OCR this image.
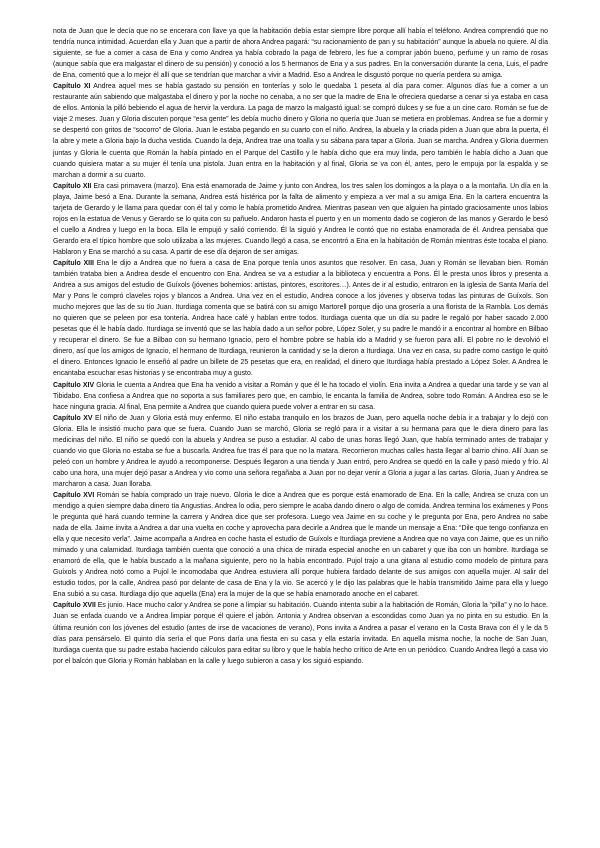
nota de Juan que le decía que no se encerara con llave ya que la habitación debía estar siempre libre porque allí había el teléfono. Andrea comprendió que no tendría nunca intimidad. Acuerdan ella y Juan que a partir de ahora Andrea pagará: “su racionamiento de pan y su habitación” aunque la abuela no quiere. Al día siguiente, se fue a comer a casa de Ena y como Andrea ya había cobrado la paga de febrero, les fue a comprar jabón bueno, perfume y un ramo de rosas (aunque sabía que era malgastar el dinero de su pensión) y conoció a los 5 hermanos de Ena y a sus padres. En la conversación durante la cena, Luis, el padre de Ena, comentó que a lo mejor él allí que se tendrían que marchar a vivir a Madrid. Eso a Andrea le disgustó porque no quería perdera su amiga.
Capítulo XI Andrea aquel mes se había gastado su pensión en tonterías y solo le quedaba 1 peseta al día para comer. Algunos días fue a comer a un restaurante aún sabiendo que malgastaba el dinero y por la noche no cenaba, a no ser que la madre de Ena le ofreciera quedarse a cenar si ya estaba en casa de ellos. Antonia la pilló bebiendo el agua de hervir la verdura. La paga de marzo la malgastó igual: se compró dulces y se fue a un cine caro. Román se fue de viaje 2 meses. Juan y Gloria discuten porque “esa gente” les debía mucho dinero y Gloria no quería que Juan se metiera en problemas. Andrea se fue a dormir y se despertó con gritos de “socorro” de Gloria. Juan le estaba pegando en su cuarto con el niño. Andrea, la abuela y la criada piden a Juan que abra la puerta, él la abre y mete a Gloria bajo la ducha vestida. Cuando la deja, Andrea trae una toalla y su sábana para tapar a Gloria. Juan se marcha. Andrea y Gloria duermen juntas y Gloria le cuenta que Román la había pintado en el Parque del Castillo y le había dicho que era muy linda, pero también le había dicho a Juan que cuando quisiera matar a su mujer él tenía una pistola. Juan entra en la habitación y al final, Gloria se va con él, antes, pero le empuja por la espalda y se marchan a dormir a su cuarto.
Capítulo XII Era casi primavera (marzo). Ena está enamorada de Jaime y junto con Andrea, los tres salen los domingos a la playa o a la montaña. Un día en la playa, Jaime besó a Ena. Durante la semana, Andrea está histérica por la falta de alimento y empieza a ver mal a su amiga Ena. En la cartera encuentra la tarjeta de Gerardo y le llama para quedar con él tal y como le había prometido Andrea. Mientras pasean ven que alguien ha pintado graciosamente unos labios rojos en la estatua de Venus y Gerardo se lo quita con su pañuelo. Andaron hasta el puerto y en un momento dado se cogieron de las manos y Gerardo le besó el cuello a Andrea y luego en la boca. Ella le empujó y salió corriendo. Él la siguió y Andrea le contó que no estaba enamorada de él. Andrea pensaba que Gerardo era el típico hombre que solo utilizaba a las mujeres. Cuando llegó a casa, se encontró a Ena en la habitación de Román mientras éste tocaba el piano. Hablaron y Ena se marchó a su casa. A partir de ese día dejaron de ser amigas.
Capítulo XIII Ena le dijo a Andrea que no fuera a casa de Ena porque tenía unos asuntos que resolver. En casa, Juan y Román se llevaban bien. Román también trataba bien a Andrea desde el encuentro con Ena. Andrea se va a estudiar a la biblioteca y encuentra a Pons. Él le presta unos libros y presenta a Andrea a sus amigos del estudio de Guíxols (jóvenes bohemios: artistas, pintores, escritores…). Antes de ir al estudio, entraron en la iglesia de Santa María del Mar y Pons le compró claveles rojos y blancos a Andrea. Una vez en el estudio, Andrea conoce a los jóvenes y observa todas las pinturas de Guíxols. Son mucho mejores que las de su tío Juan. Iturdiaga comenta que se batirá con su amigo Martorell porque dijo una grosería a una florista de la Rambla. Los demás no quieren que se peleen por esa tontería. Andrea hace café y hablan entre todos. Iturdiaga cuenta que un día su padre le regaló por haber sacado 2.000 pesetas que él le había dado. Iturdiaga se inventó que se las había dado a un señor pobre, López Soler, y su padre le mandó ir a encontrar al hombre en Bilbao y recuperar el dinero. Se fue a Bilbao con su hermano Ignacio, pero el hombre pobre se había ido a Madrid y se fueron para allí. El pobre no le devolvió el dinero, así que los amigos de Ignacio, el hermano de Iturdiaga, reunieron la cantidad y se la dieron a Iturdiaga. Una vez en casa, su padre como castigo le quitó el dinero. Entonces Ignacio le enseñó al padre un billete de 25 pesetas que era, en realidad, el dinero que Iturdiaga había prestado a López Soler. A Andrea le encantaba escuchar esas historias y se encontraba muy a gusto.
Capítulo XIV Gloria le cuenta a Andrea que Ena ha venido a visitar a Román y que él le ha tocado el violín. Ena invita a Andrea a quedar una tarde y se van al Tibidabo. Ena confiesa a Andrea que no soporta a sus familiares pero que, en cambio, le encanta la familia de Andrea, sobre todo Román. A Andrea eso se le hace ninguna gracia. Al final, Ena permite a Andrea que cuando quiera puede volver a entrar en su casa.
Capítulo XV El niño de Juan y Gloria está muy enfermo. El niño estaba tranquilo en los brazos de Juan, pero aquella noche debía ir a trabajar y lo dejó con Gloria. Ella le insistió mucho para que se fuera. Cuando Juan se marchó, Gloria se regló para ir a visitar a su hermana para que le diera dinero para las medicinas del niño. El niño se quedó con la abuela y Andrea se puso a estudiar. Al cabo de unas horas llegó Juan, que había terminado antes de trabajar y cuando vio que Gloria no estaba se fue a buscarla. Andrea fue tras él para que no la matara. Recorrieron muchas calles hasta llegar al barrio chino. Allí Juan se peleó con un hombre y Andrea le ayudó a recomponerse. Después llegaron a una tienda y Juan entró, pero Andrea se quedó en la calle y pasó miedo y frío. Al cabo una hora, una mujer dejó pasar a Andrea y vio como una señora regañaba a Juan por no dejar venir a Gloria a jugar a las cartas. Gloria, Juan y Andrea se marcharon a casa. Juan lloraba.
Capítulo XVI Román se había comprado un traje nuevo. Gloria le dice a Andrea que es porque está enamorado de Ena. En la calle, Andrea se cruza con un mendigo a quien siempre daba dinero tía Angustias. Andrea lo odia, pero siempre le acaba dando dinero o algo de comida. Andrea termina los exámenes y Pons le pregunta qué hará cuando termine la carrera y Andrea dice que ser profesora. Luego vea Jaime en su coche y le pregunta por Ena, pero Andrea no sabe nada de ella. Jaime invita a Andrea a dar una vuelta en coche y aprovecha para decirle a Andrea que le mande un mensaje a Ena: “Dile que tengo confianza en ella y que necesito verla”. Jaime acompaña a Andrea en coche hasta el estudio de Guíxols e Iturdiaga previene a Andrea que no vaya con Jaime, que es un niño mimado y una calamidad. Iturdiaga también cuenta que conoció a una chica de mirada especial anoche en un cabaret y que iba con un hombre. Iturdiaga se enamoró de ella, que le había buscado a la mañana siguiente, pero no la había encontrado. Pujol trajo a una gitana al estudio como modelo de pintura para Guíxols y Andrea notó como a Pujol le incomodaba que Andrea estuviera allí porque hubiera fardado delante de sus amigos con aquella mujer. Al salir del estudio todos, por la calle, Andrea pasó por delante de casa de Ena y la vio. Se acercó y le dijo las palabras que le había transmitido Jaime para ella y luego Ena subió a su casa. Iturdiaga dijo que aquella (Ena) era la mujer de la que se había enamorado anoche en el cabaret.
Capítulo XVII Es junio. Hace mucho calor y Andrea se pone a limpiar su habitación. Cuando intenta subir a la habitación de Román, Gloria la “pilla” y no lo hace. Juan se enfada cuando ve a Andrea limpiar porque él quiere el jabón. Antonia y Andrea observan a escondidas como Juan ya no pinta en su estudio. En la última reunión con los jóvenes del estudio (antes de irse de vacaciones de verano), Pons invita a Andrea a pasar el verano en la Costa Brava con él y le da 5 días para pensárselo. El quinto día sería el que Pons daría una fiesta en su casa y ella estaría invitada. En aquella misma noche, la noche de San Juan, Iturdiaga cuenta que su padre estaba haciendo cálculos para editar su libro y que le había hecho crítico de Arte en un periódico. Cuando Andrea llegó a casa vio por el balcón que Gloria y Román hablaban en la calle y luego subieron a casa y los siguió espiando.
